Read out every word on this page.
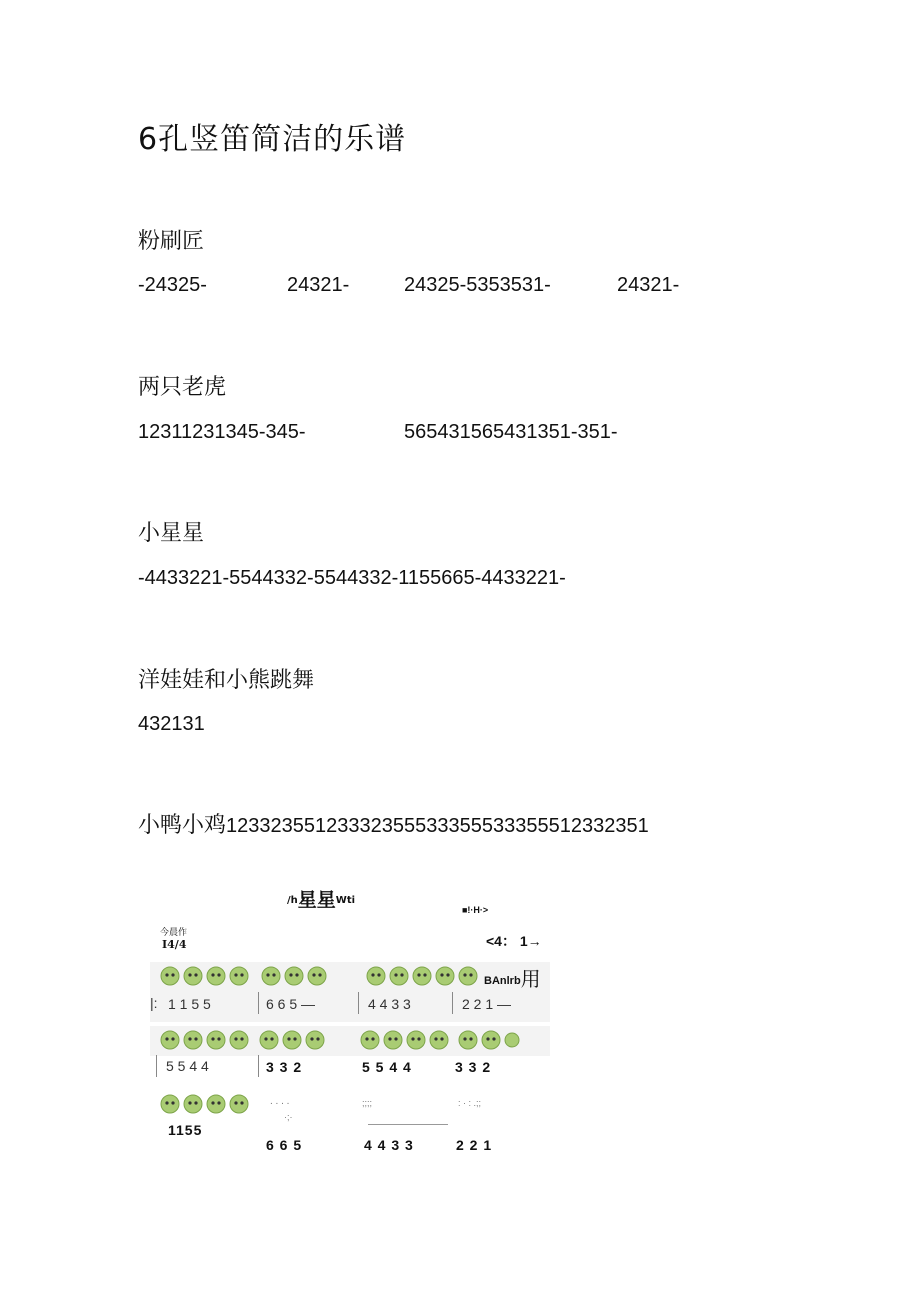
6孔竖笛简洁的乐谱
粉刷匠
-24325-	24321-	24325-5353531-	24321-
两只老虎
12311231345-345-	565431565431351-351-
小星星
-4433221-5544332-5544332-1155665-4433221-
洋娃娃和小熊跳舞
432131
小鸭小鸡12332355123332355533355533355512332351
/h星星Wti
■!·H·>
今晨作
I4/4	<4： 1→
BAnlrb用
|: 1 1 5 5	6 6 5 —	4 4 3 3	2 2 1 —
5 5 4 4	3 3 2	5 5 4 4	3 3 2
. . . .
·;·
;;;;	: · : .;;
1155
6 6 5	4 4 3 3	2 2 1
